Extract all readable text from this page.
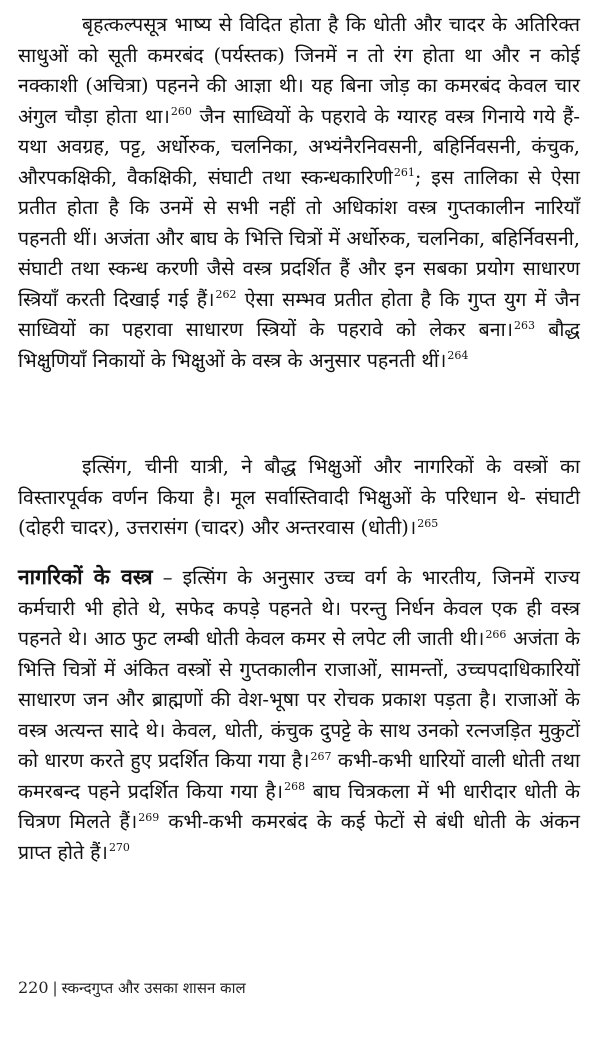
बृहत्कल्पसूत्र भाष्य से विदित होता है कि धोती और चादर के अतिरिक्त साधुओं को सूती कमरबंद (पर्यस्तक) जिनमें न तो रंग होता था और न कोई नक्काशी (अचित्रा) पहनने की आज्ञा थी। यह बिना जोड़ का कमरबंद केवल चार अंगुल चौड़ा होता था।$^{260}$ जैन साध्वियों के पहरावे के ग्यारह वस्त्र गिनाये गये हैं- यथा अवग्रह, पट्ट, अर्धोरुक, चलनिका, अभ्यंनैरनिवसनी, बहिर्निवसनी, कंचुक, औरपकक्षिकी, वैकक्षिकी, संघाटी तथा स्कन्धकारिणी$^{261}$; इस तालिका से ऐसा प्रतीत होता है कि उनमें से सभी नहीं तो अधिकांश वस्त्र गुप्तकालीन नारियाँ पहनती थीं। अजंता और बाघ के भित्ति चित्रों में अर्धोरुक, चलनिका, बहिर्निवसनी, संघाटी तथा स्कन्ध करणी जैसे वस्त्र प्रदर्शित हैं और इन सबका प्रयोग साधारण स्त्रियाँ करती दिखाई गई हैं।$^{262}$ ऐसा सम्भव प्रतीत होता है कि गुप्त युग में जैन साध्वियों का पहरावा साधारण स्त्रियों के पहरावे को लेकर बना।$^{263}$ बौद्ध भिक्षुणियाँ निकायों के भिक्षुओं के वस्त्र के अनुसार पहनती थीं।$^{264}$

इत्सिंग, चीनी यात्री, ने बौद्ध भिक्षुओं और नागरिकों के वस्त्रों का विस्तारपूर्वक वर्णन किया है। मूल सर्वास्तिवादी भिक्षुओं के परिधान थे- संघाटी (दोहरी चादर), उत्तरासंग (चादर) और अन्तरवास (धोती)।$^{265}$

नागरिकों के वस्त्र – इत्सिंग के अनुसार उच्च वर्ग के भारतीय, जिनमें राज्य कर्मचारी भी होते थे, सफेद कपड़े पहनते थे। परन्तु निर्धन केवल एक ही वस्त्र पहनते थे। आठ फुट लम्बी धोती केवल कमर से लपेट ली जाती थी।$^{266}$ अजंता के भित्ति चित्रों में अंकित वस्त्रों से गुप्तकालीन राजाओं, सामन्तों, उच्चपदाधिकारियों साधारण जन और ब्राह्मणों की वेश-भूषा पर रोचक प्रकाश पड़ता है। राजाओं के वस्त्र अत्यन्त सादे थे। केवल, धोती, कंचुक दुपट्टे के साथ उनको रत्नजड़ित मुकुटों को धारण करते हुए प्रदर्शित किया गया है।$^{267}$ कभी-कभी धारियों वाली धोती तथा कमरबन्द पहने प्रदर्शित किया गया है।$^{268}$ बाघ चित्रकला में भी धारीदार धोती के चित्रण मिलते हैं।$^{269}$ कभी-कभी कमरबंद के कई फेटों से बंधी धोती के अंकन प्राप्त होते हैं।$^{270}$

220 | स्कन्दगुप्त और उसका शासन काल
